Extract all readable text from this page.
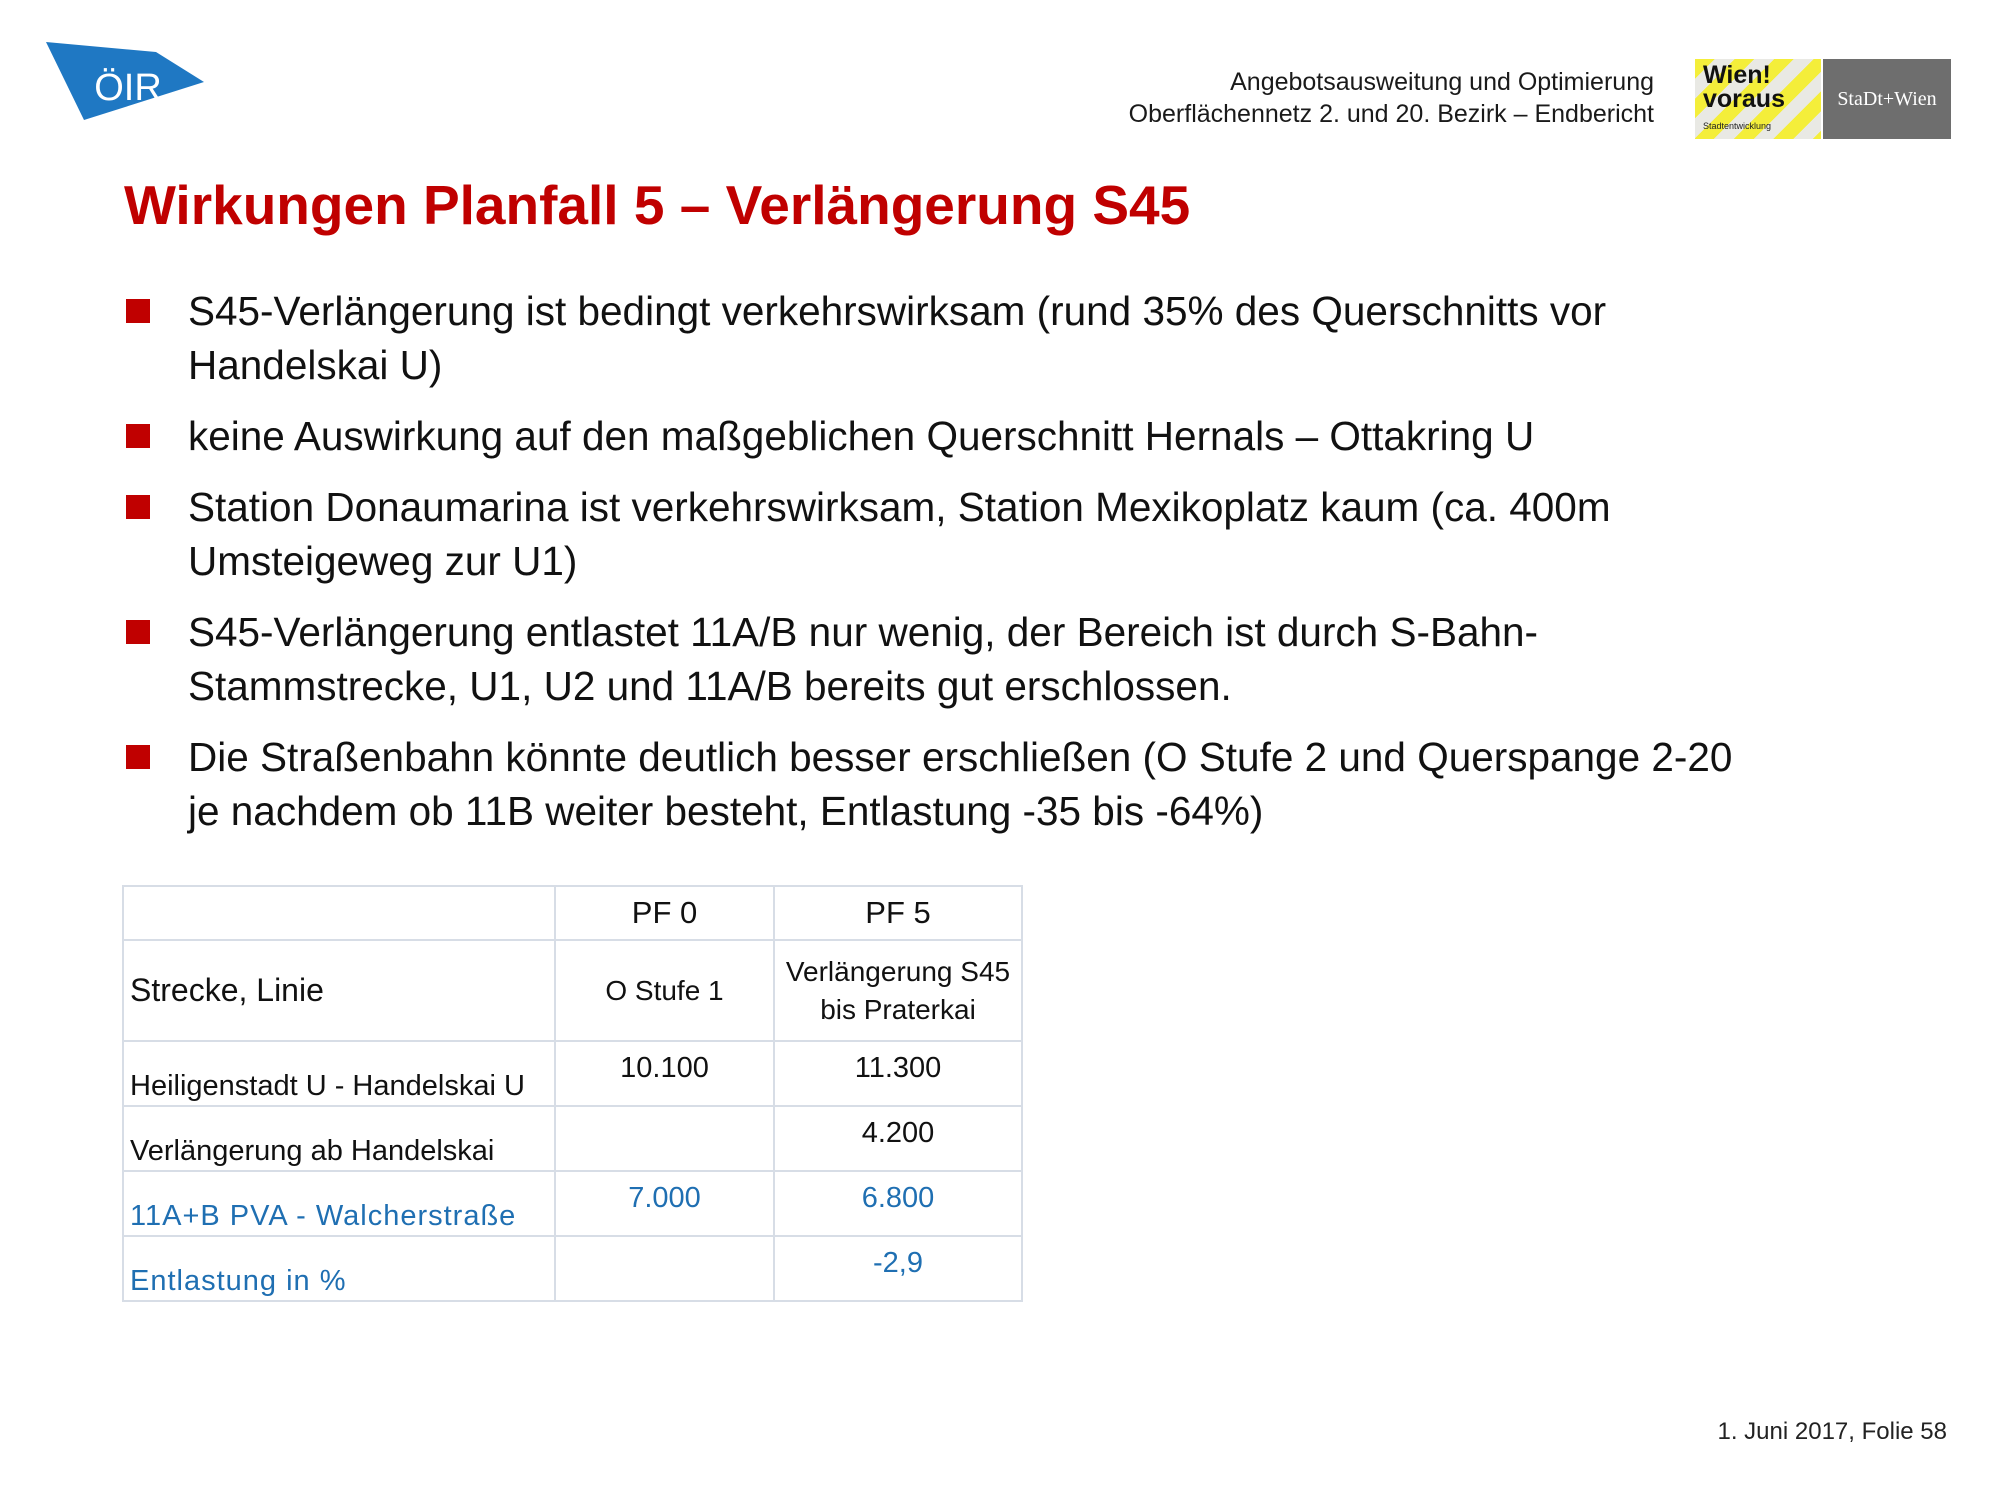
ÖIR	Angebotsausweitung und Optimierung
Oberflächennetz 2. und 20. Bezirk – Endbericht
Wien!
voraus
Stadtentwicklung
StaDt+Wien
Wirkungen Planfall 5 – Verlängerung S45
S45-Verlängerung ist bedingt verkehrswirksam (rund 35% des Querschnitts vor
Handelskai U)
keine Auswirkung auf den maßgeblichen Querschnitt Hernals – Ottakring U
Station Donaumarina ist verkehrswirksam, Station Mexikoplatz kaum (ca. 400m
Umsteigeweg zur U1)
S45-Verlängerung entlastet 11A/B nur wenig, der Bereich ist durch S-Bahn-
Stammstrecke, U1, U2 und 11A/B bereits gut erschlossen.
Die Straßenbahn könnte deutlich besser erschließen (O Stufe 2 und Querspange 2-20
je nachdem ob 11B weiter besteht, Entlastung -35 bis -64%)
	PF 0	PF 5
Strecke, Linie	O Stufe 1	Verlängerung S45
bis Praterkai
Heiligenstadt U - Handelskai U	10.100	11.300
Verlängerung ab Handelskai		4.200
11A+B PVA - Walcherstraße	7.000	6.800
Entlastung in %		-2,9
1. Juni 2017, Folie 58
